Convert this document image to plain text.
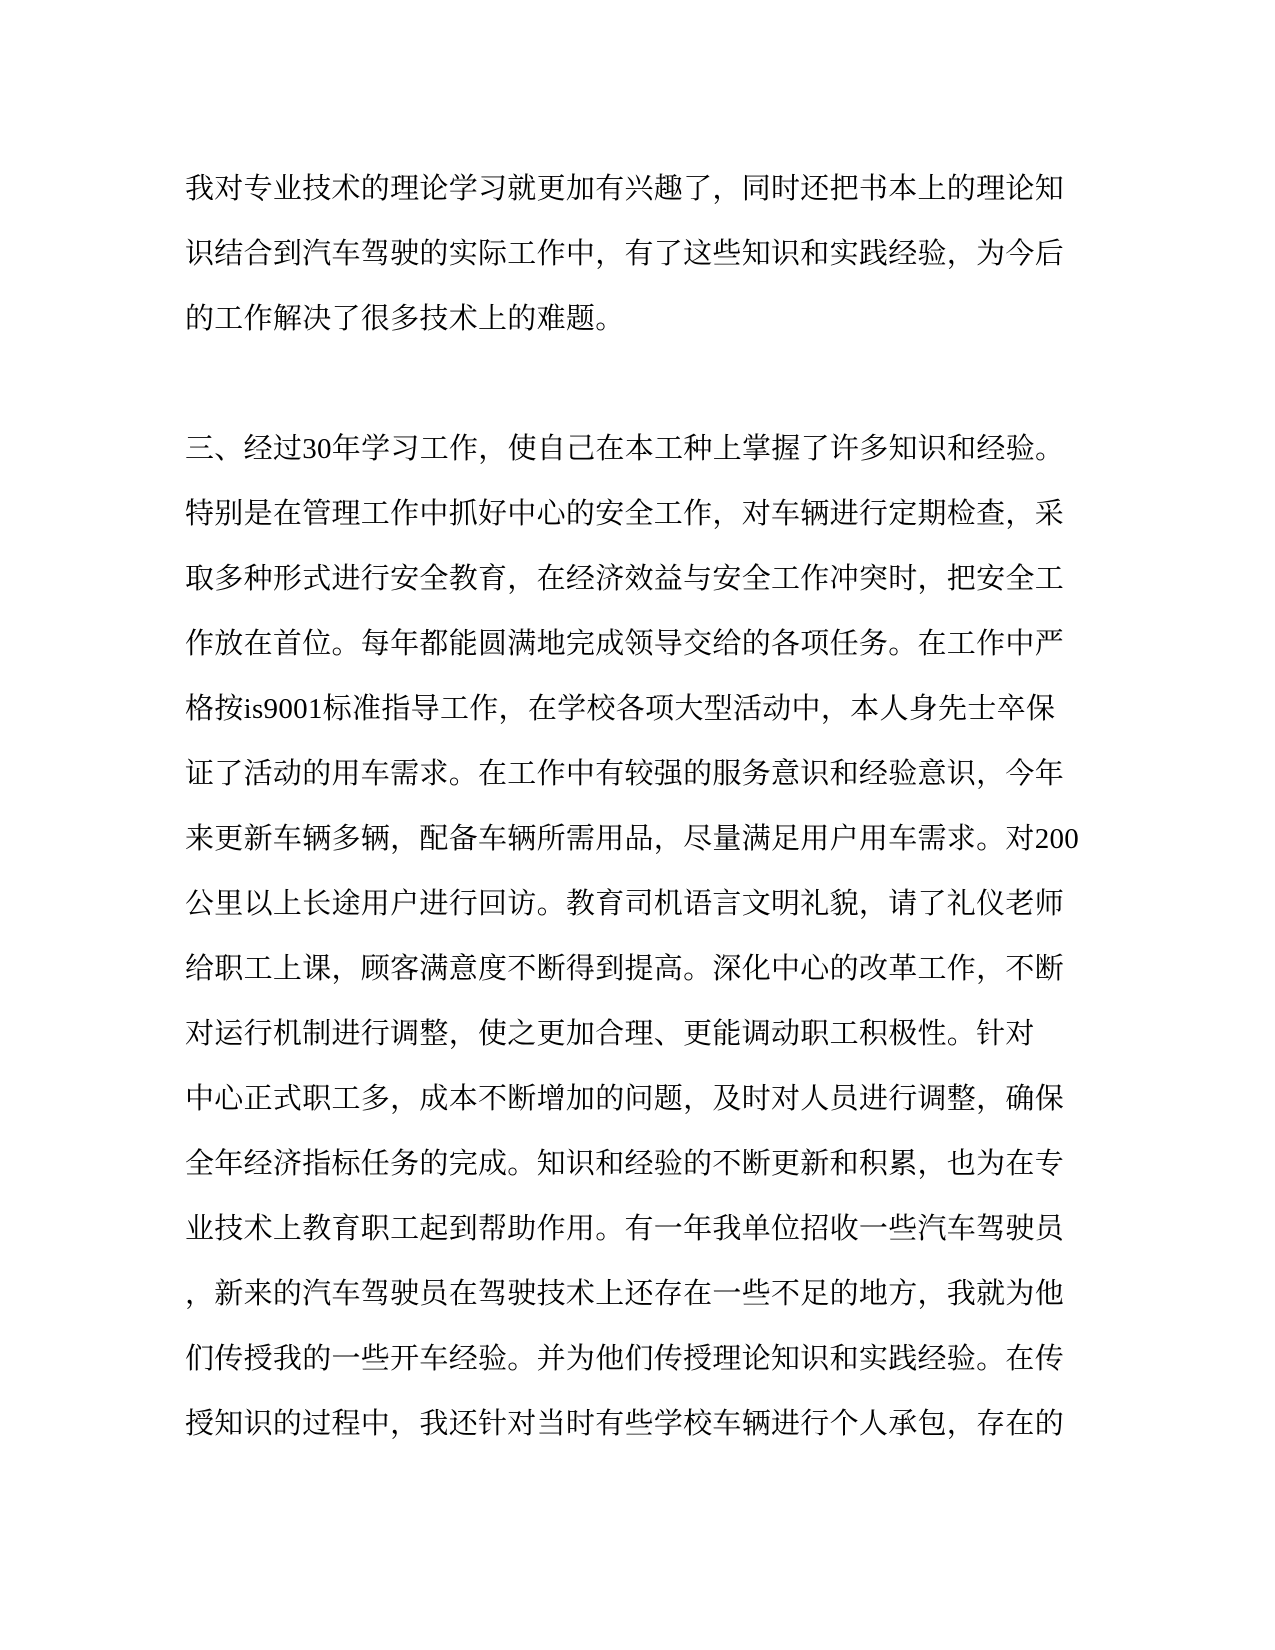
我对专业技术的理论学习就更加有兴趣了，同时还把书本上的理论知
识结合到汽车驾驶的实际工作中，有了这些知识和实践经验，为今后
的工作解决了很多技术上的难题。
三、经过30年学习工作，使自己在本工种上掌握了许多知识和经验。
特别是在管理工作中抓好中心的安全工作，对车辆进行定期检查，采
取多种形式进行安全教育，在经济效益与安全工作冲突时，把安全工
作放在首位。每年都能圆满地完成领导交给的各项任务。在工作中严
格按is9001标准指导工作，在学校各项大型活动中，本人身先士卒保
证了活动的用车需求。在工作中有较强的服务意识和经验意识，今年
来更新车辆多辆，配备车辆所需用品，尽量满足用户用车需求。对200
公里以上长途用户进行回访。教育司机语言文明礼貌，请了礼仪老师
给职工上课，顾客满意度不断得到提高。深化中心的改革工作，不断
对运行机制进行调整，使之更加合理、更能调动职工积极性。针对
中心正式职工多，成本不断增加的问题，及时对人员进行调整，确保
全年经济指标任务的完成。知识和经验的不断更新和积累，也为在专
业技术上教育职工起到帮助作用。有一年我单位招收一些汽车驾驶员
，新来的汽车驾驶员在驾驶技术上还存在一些不足的地方，我就为他
们传授我的一些开车经验。并为他们传授理论知识和实践经验。在传
授知识的过程中，我还针对当时有些学校车辆进行个人承包，存在的
